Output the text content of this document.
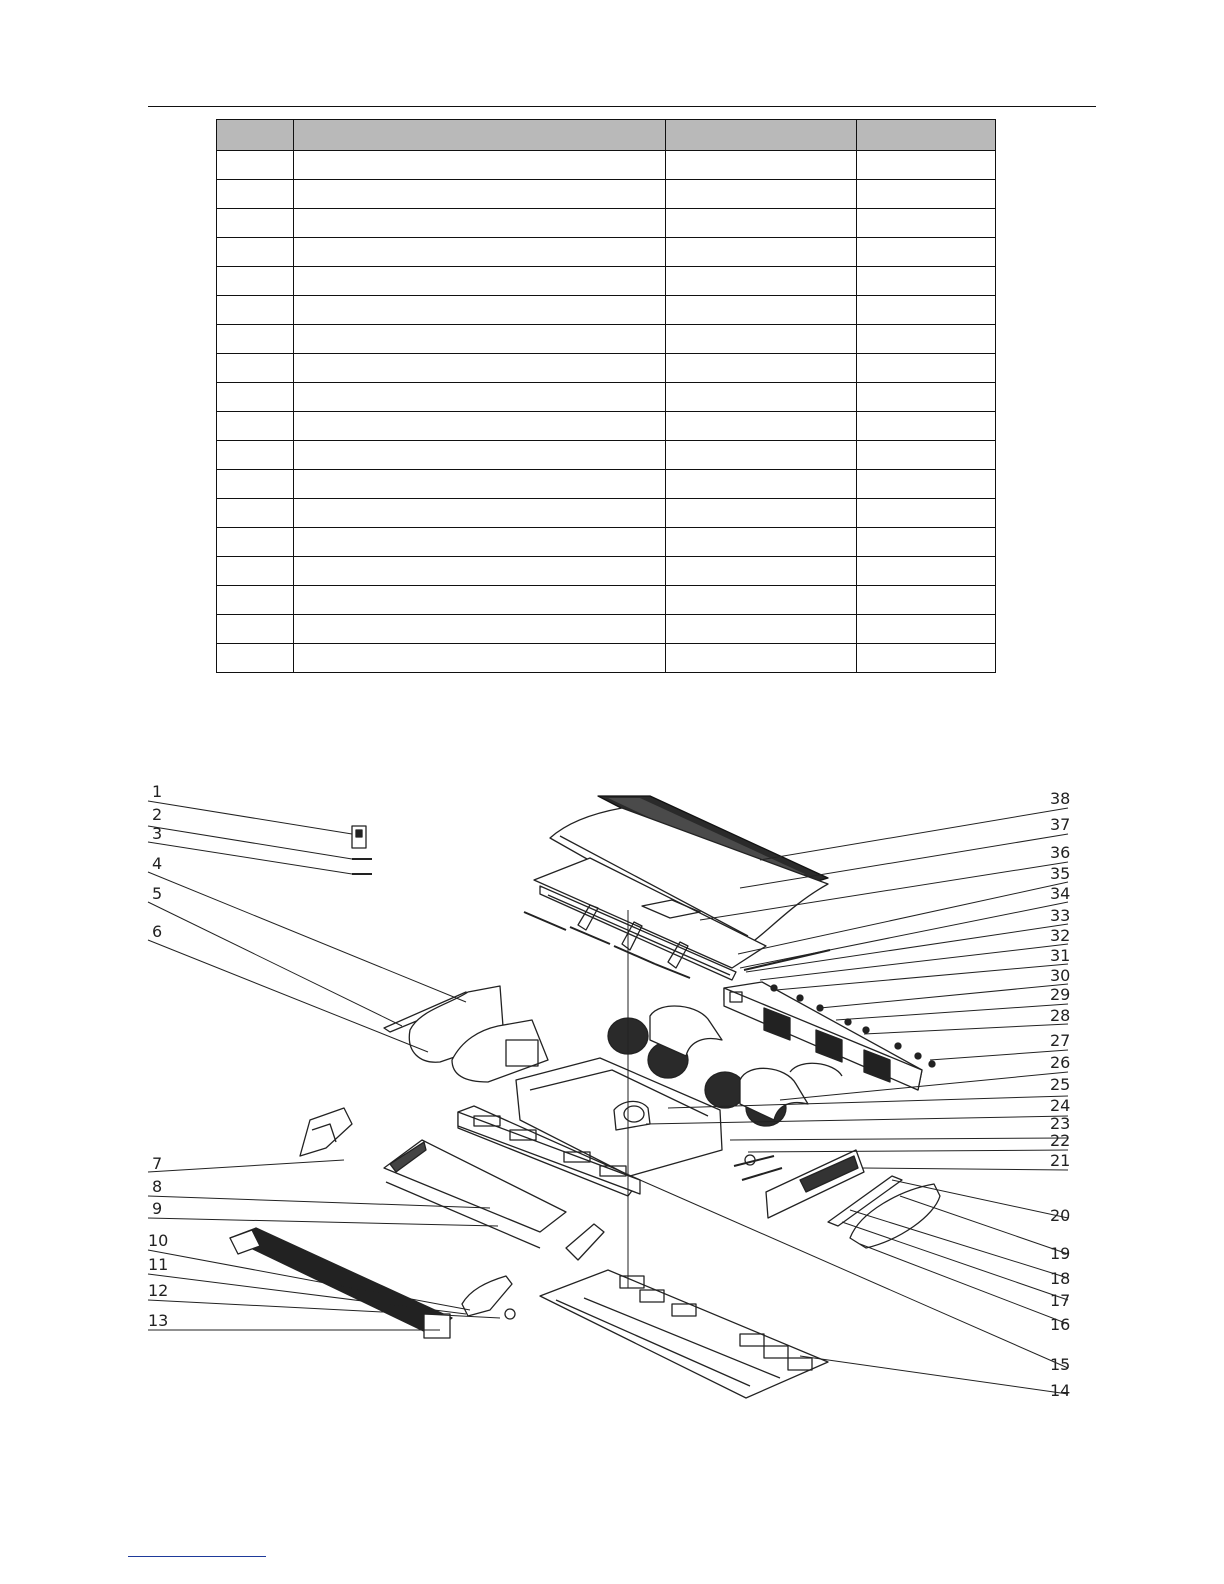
1
2
3
4
5
6
7
8
9
10
11
12
13
38
37
36
35
34
33
32
31
30
29
28
27
26
25
24
23
22
21
20
19
18
17
16
15
14
